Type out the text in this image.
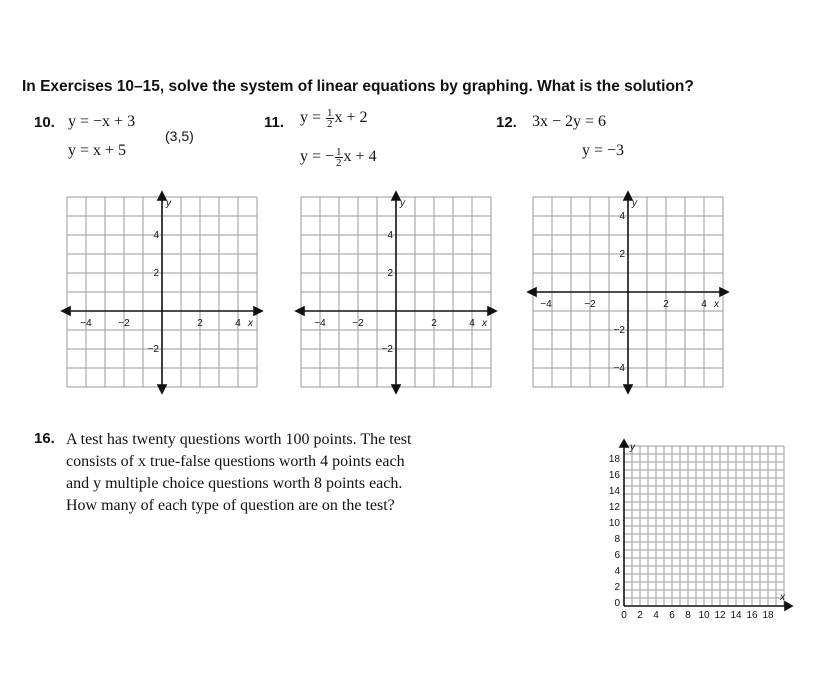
In Exercises 10–15, solve the system of linear equations by graphing. What is the solution?
10. y = −x + 3
y = x + 5
(3,5)
11. $y = \frac{1}{2}$ x + 2
y = − $\frac{1}{2}$ x + 4
12. 3x − 2y = 6
y = −3
y
x
−4	−2	2	4
4
2
−2
y
x
−4	−2	2	4
4
2
−2
y
x
−4	−2	2	4
4
2
−2
−4
16. A test has twenty questions worth 100 points. The test
consists of x true-false questions worth 4 points each
and y multiple choice questions worth 8 points each.
How many of each type of question are on the test?
y
x
18
16
14
12
10
8
6
4
2
0
0 2 4 6 8 10 12 14 16 18
